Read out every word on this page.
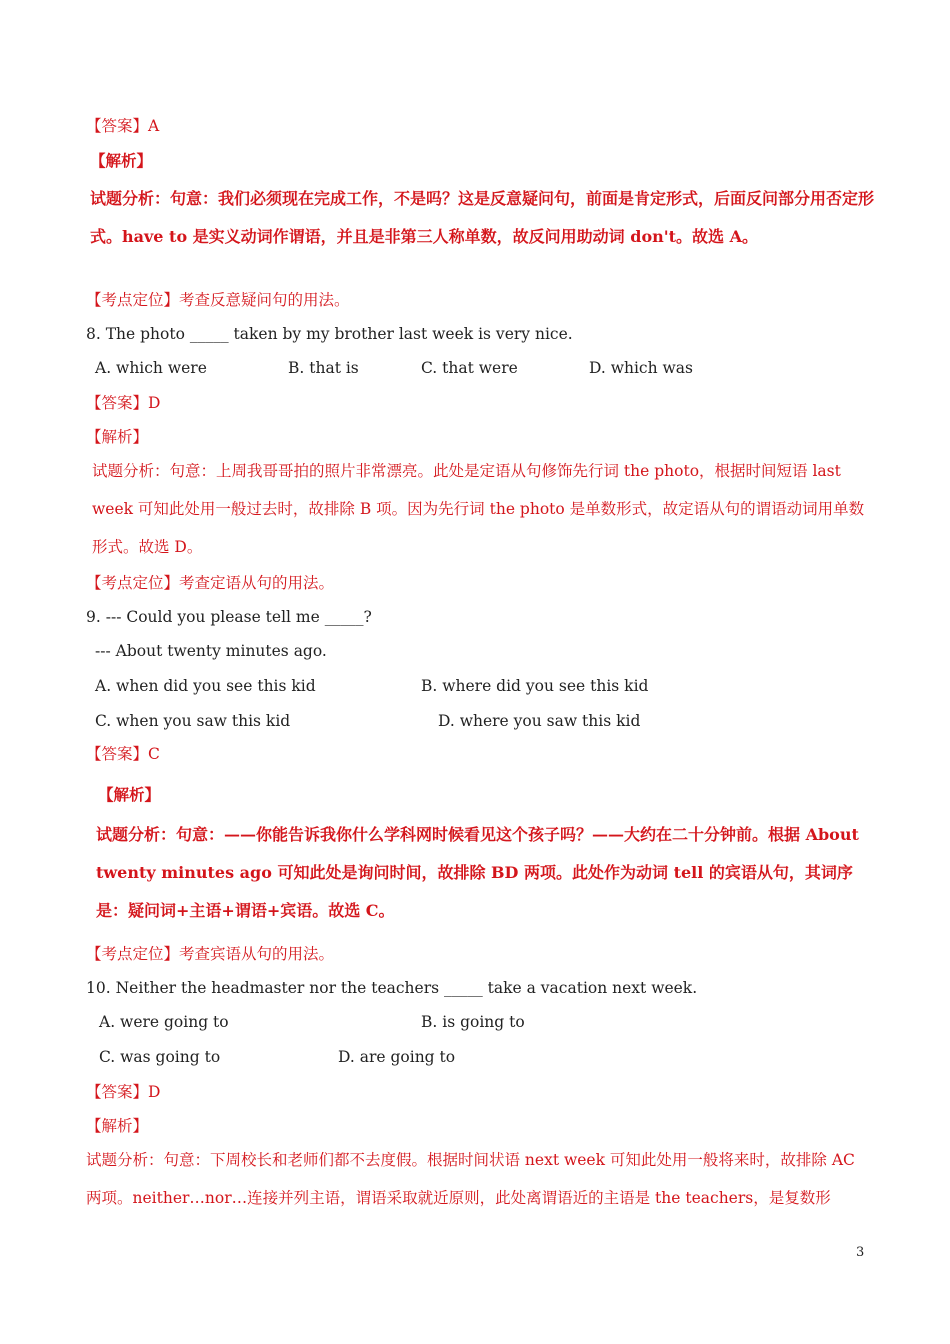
【答案】A
【解析】
试题分析：句意：我们必须现在完成工作，不是吗？这是反意疑问句，前面是肯定形式，后面反问部分用否定形式。have to 是实义动词作谓语，并且是非第三人称单数，故反问用助动词 don't。故选 A。
【考点定位】考查反意疑问句的用法。
8. The photo _____ taken by my brother last week is very nice.
A. which were	B. that is	C. that were	D. which was
【答案】D
【解析】
试题分析：句意：上周我哥哥拍的照片非常漂亮。此处是定语从句修饰先行词 the photo，根据时间短语 last week 可知此处用一般过去时，故排除 B 项。因为先行词 the photo 是单数形式，故定语从句的谓语动词用单数形式。故选 D。
【考点定位】考查定语从句的用法。
9. --- Could you please tell me _____?
--- About twenty minutes ago.
A. when did you see this kid	B. where did you see this kid
C. when you saw this kid	D. where you saw this kid
【答案】C
【解析】
试题分析：句意：——你能告诉我你什么学科网时候看见这个孩子吗？——大约在二十分钟前。根据 About twenty minutes ago 可知此处是询问时间，故排除 BD 两项。此处作为动词 tell 的宾语从句，其词序是：疑问词+主语+谓语+宾语。故选 C。
【考点定位】考查宾语从句的用法。
10. Neither the headmaster nor the teachers _____ take a vacation next week.
A. were going to	B. is going to
C. was going to	D. are going to
【答案】D
【解析】
试题分析：句意：下周校长和老师们都不去度假。根据时间状语 next week 可知此处用一般将来时，故排除 AC 两项。neither…nor…连接并列主语，谓语采取就近原则，此处离谓语近的主语是 the teachers，是复数形
3
